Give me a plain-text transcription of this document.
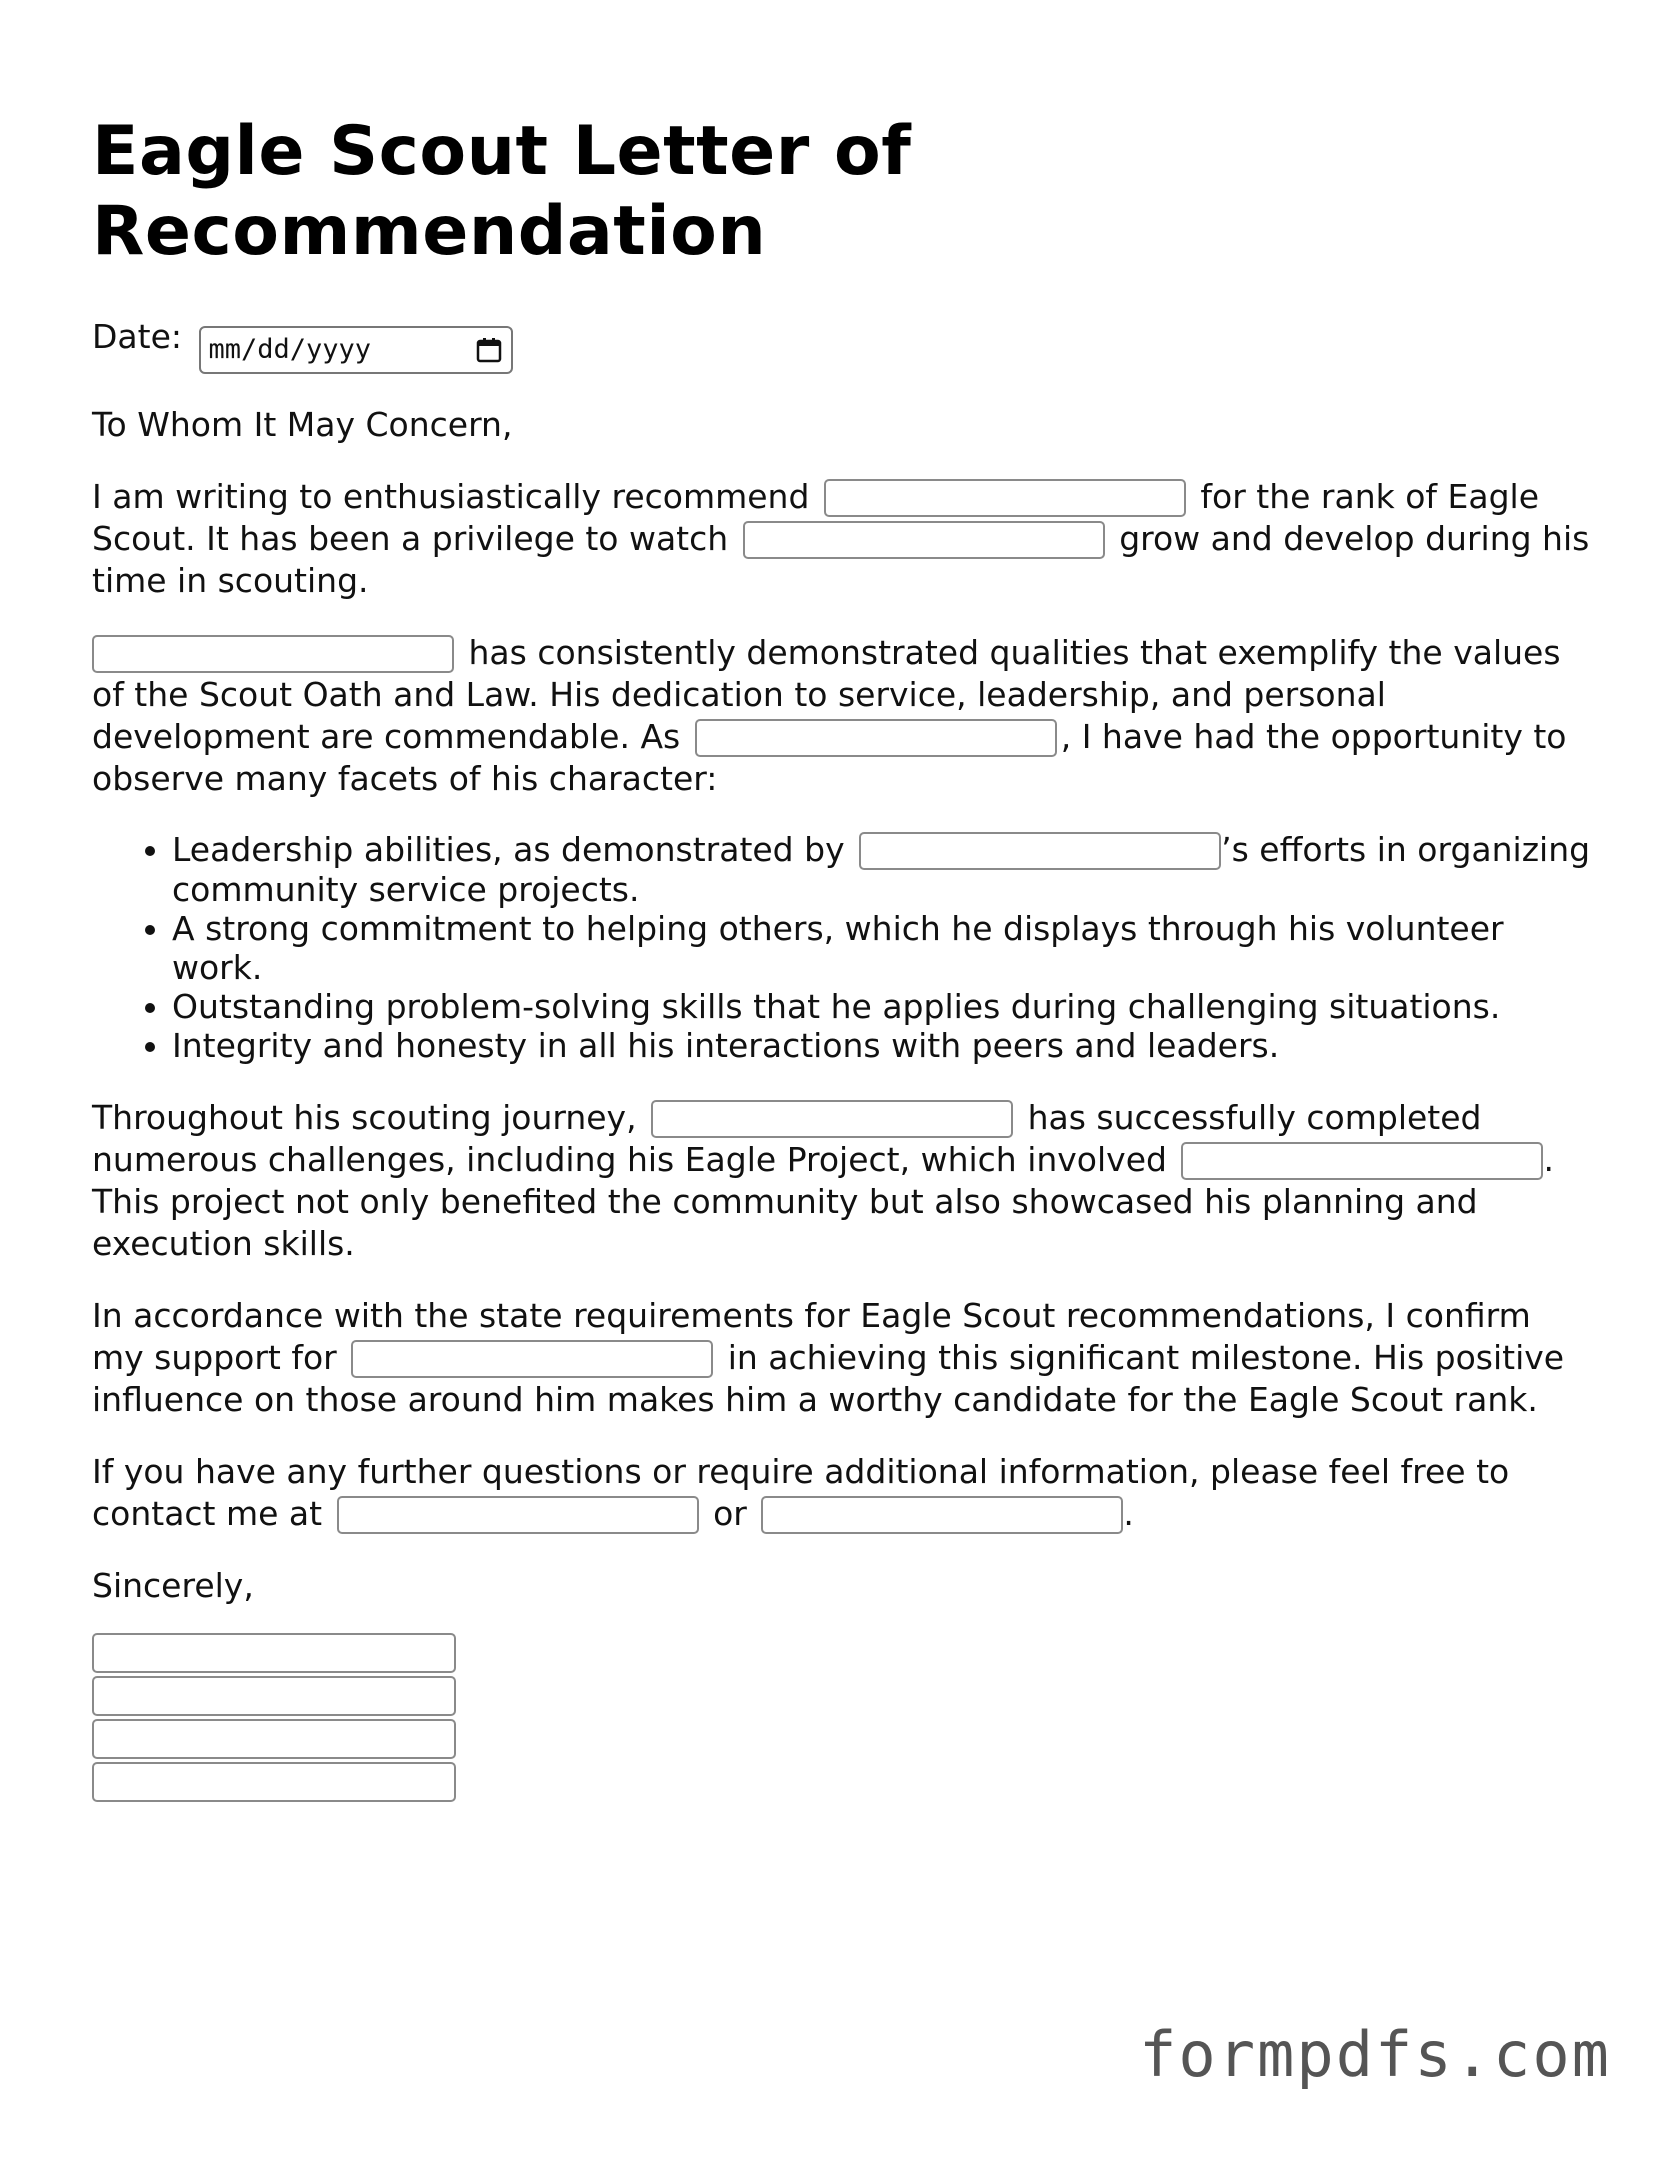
Eagle Scout Letter of Recommendation

Date: mm/dd/yyyy

To Whom It May Concern,

I am writing to enthusiastically recommend	for the rank of Eagle Scout. It has been a privilege to watch	grow and develop during his time in scouting.

has consistently demonstrated qualities that exemplify the values of the Scout Oath and Law. His dedication to service, leadership, and personal development are commendable. As	, I have had the opportunity to observe many facets of his character:

• Leadership abilities, as demonstrated by	’s efforts in organizing community service projects.
• A strong commitment to helping others, which he displays through his volunteer work.
• Outstanding problem-solving skills that he applies during challenging situations.
• Integrity and honesty in all his interactions with peers and leaders.

Throughout his scouting journey,	has successfully completed numerous challenges, including his Eagle Project, which involved	. This project not only benefited the community but also showcased his planning and execution skills.

In accordance with the state requirements for Eagle Scout recommendations, I confirm my support for	in achieving this significant milestone. His positive influence on those around him makes him a worthy candidate for the Eagle Scout rank.

If you have any further questions or require additional information, please feel free to contact me at	or	.

Sincerely,

formpdfs.com
